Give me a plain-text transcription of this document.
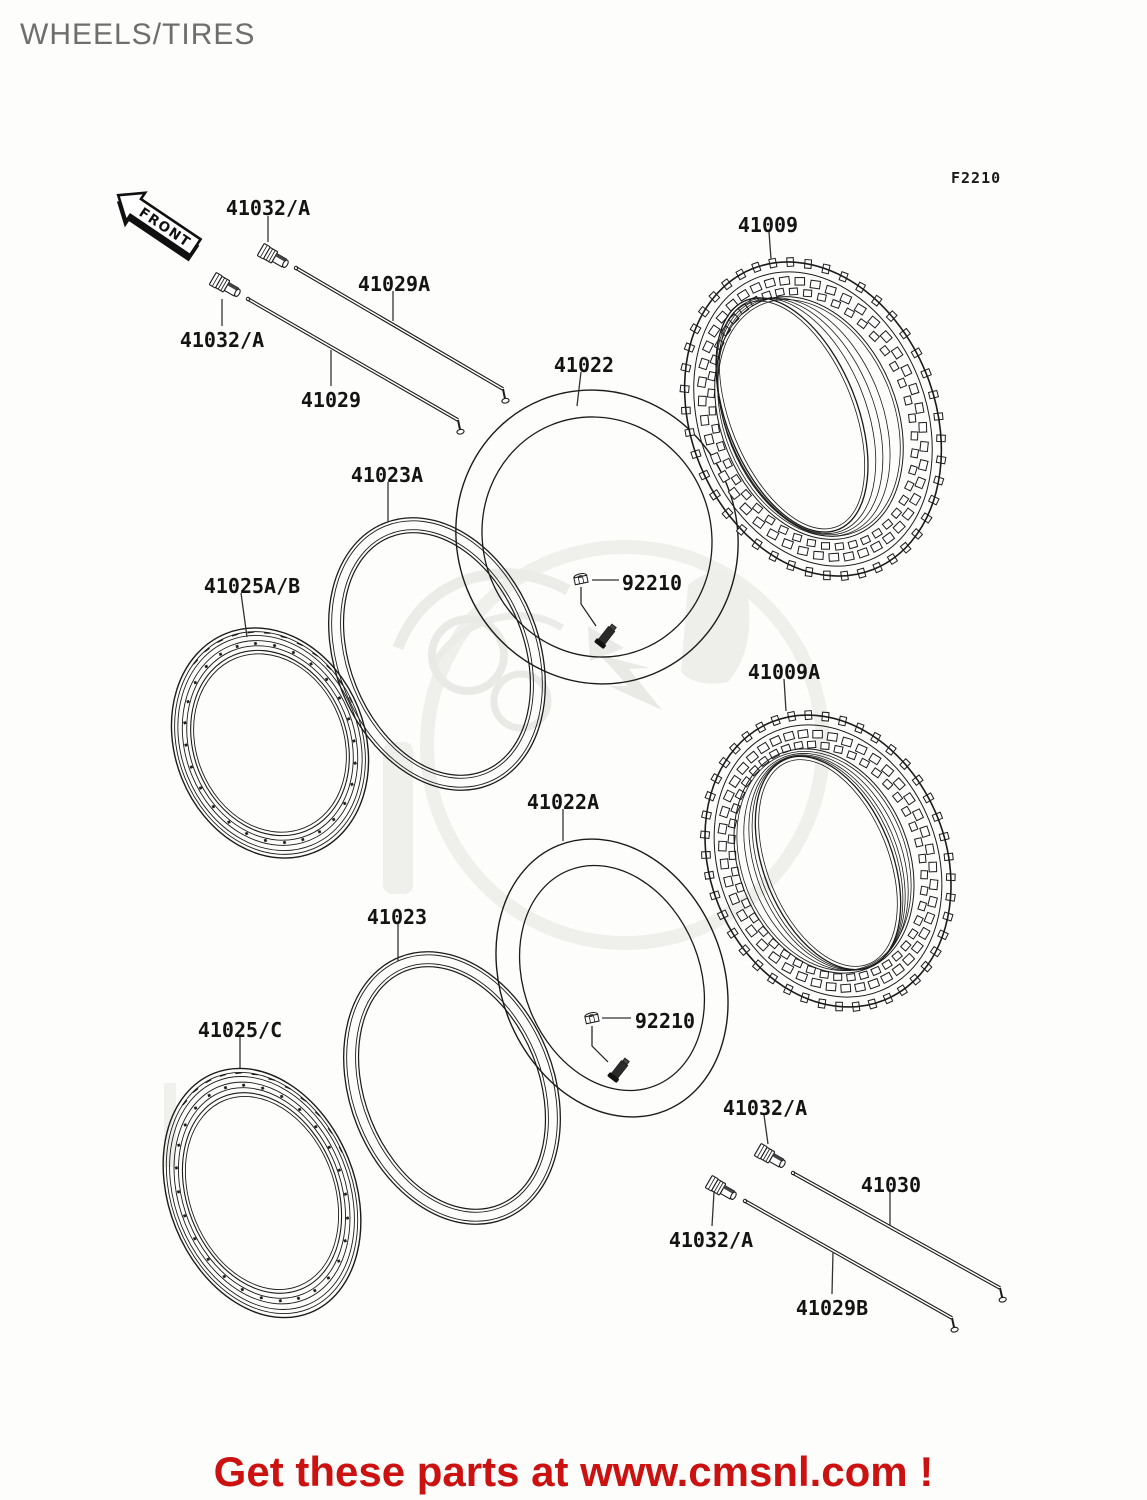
WHEELS/TIRES
F2210
FRONT 41032/A
41032/A
41029A
41029
41022
41023A
41025A/B	92210
41009
41009A
41022A
41023
41025/C	92210
41032/A
41032/A
41030
41029B
Get these parts at www.cmsnl.com !
